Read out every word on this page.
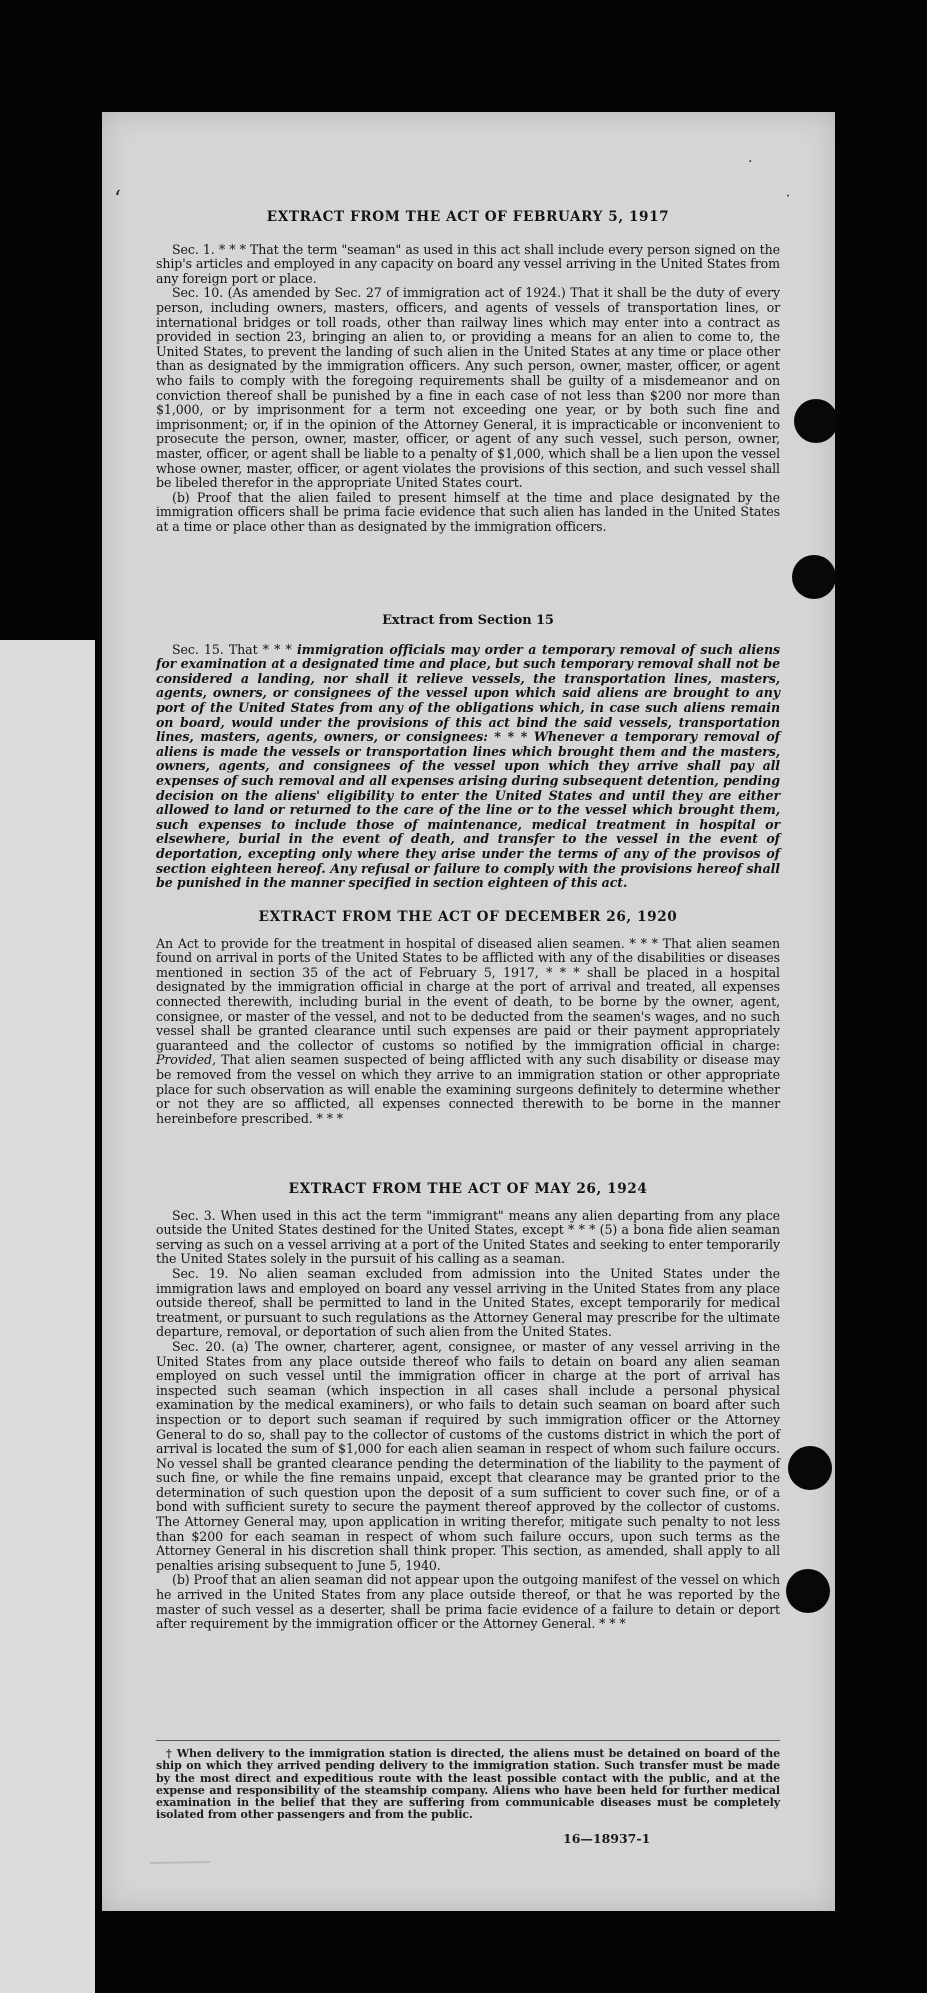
ʻ
·
˙
EXTRACT FROM THE ACT OF FEBRUARY 5, 1917

Sec. 1. * * * That the term "seaman" as used in this act shall include every person signed on the ship's articles and employed in any capacity on board any vessel arriving in the United States from any foreign port or place.

Sec. 10. (As amended by Sec. 27 of immigration act of 1924.) That it shall be the duty of every person, including owners, masters, officers, and agents of vessels of transportation lines, or international bridges or toll roads, other than railway lines which may enter into a contract as provided in section 23, bringing an alien to, or providing a means for an alien to come to, the United States, to prevent the landing of such alien in the United States at any time or place other than as designated by the immigration officers. Any such person, owner, master, officer, or agent who fails to comply with the foregoing requirements shall be guilty of a misdemeanor and on conviction thereof shall be punished by a fine in each case of not less than $200 nor more than $1,000, or by imprisonment for a term not exceeding one year, or by both such fine and imprisonment; or, if in the opinion of the Attorney General, it is impracticable or inconvenient to prosecute the person, owner, master, officer, or agent of any such vessel, such person, owner, master, officer, or agent shall be liable to a penalty of $1,000, which shall be a lien upon the vessel whose owner, master, officer, or agent violates the provisions of this section, and such vessel shall be libeled therefor in the appropriate United States court.

(b) Proof that the alien failed to present himself at the time and place designated by the immigration officers shall be prima facie evidence that such alien has landed in the United States at a time or place other than as designated by the immigration officers.

Extract from Section 15

Sec. 15. That * * * immigration officials may order a temporary removal of such aliens for examination at a designated time and place, but such temporary removal shall not be considered a landing, nor shall it relieve vessels, the transportation lines, masters, agents, owners, or consignees of the vessel upon which said aliens are brought to any port of the United States from any of the obligations which, in case such aliens remain on board, would under the provisions of this act bind the said vessels, transportation lines, masters, agents, owners, or consignees: * * * Whenever a temporary removal of aliens is made the vessels or transportation lines which brought them and the masters, owners, agents, and consignees of the vessel upon which they arrive shall pay all expenses of such removal and all expenses arising during subsequent detention, pending decision on the aliens' eligibility to enter the United States and until they are either allowed to land or returned to the care of the line or to the vessel which brought them, such expenses to include those of maintenance, medical treatment in hospital or elsewhere, burial in the event of death, and transfer to the vessel in the event of deportation, excepting only where they arise under the terms of any of the provisos of section eighteen hereof. Any refusal or failure to comply with the provisions hereof shall be punished in the manner specified in section eighteen of this act.

EXTRACT FROM THE ACT OF DECEMBER 26, 1920

An Act to provide for the treatment in hospital of diseased alien seamen. * * * That alien seamen found on arrival in ports of the United States to be afflicted with any of the disabilities or diseases mentioned in section 35 of the act of February 5, 1917, * * * shall be placed in a hospital designated by the immigration official in charge at the port of arrival and treated, all expenses connected therewith, including burial in the event of death, to be borne by the owner, agent, consignee, or master of the vessel, and not to be deducted from the seamen's wages, and no such vessel shall be granted clearance until such expenses are paid or their payment appropriately guaranteed and the collector of customs so notified by the immigration official in charge: Provided, That alien seamen suspected of being afflicted with any such disability or disease may be removed from the vessel on which they arrive to an immigration station or other appropriate place for such observation as will enable the examining surgeons definitely to determine whether or not they are so afflicted, all expenses connected therewith to be borne in the manner hereinbefore prescribed. * * *

EXTRACT FROM THE ACT OF MAY 26, 1924

Sec. 3. When used in this act the term "immigrant" means any alien departing from any place outside the United States destined for the United States, except * * * (5) a bona fide alien seaman serving as such on a vessel arriving at a port of the United States and seeking to enter temporarily the United States solely in the pursuit of his calling as a seaman.

Sec. 19. No alien seaman excluded from admission into the United States under the immigration laws and employed on board any vessel arriving in the United States from any place outside thereof, shall be permitted to land in the United States, except temporarily for medical treatment, or pursuant to such regulations as the Attorney General may prescribe for the ultimate departure, removal, or deportation of such alien from the United States.

Sec. 20. (a) The owner, charterer, agent, consignee, or master of any vessel arriving in the United States from any place outside thereof who fails to detain on board any alien seaman employed on such vessel until the immigration officer in charge at the port of arrival has inspected such seaman (which inspection in all cases shall include a personal physical examination by the medical examiners), or who fails to detain such seaman on board after such inspection or to deport such seaman if required by such immigration officer or the Attorney General to do so, shall pay to the collector of customs of the customs district in which the port of arrival is located the sum of $1,000 for each alien seaman in respect of whom such failure occurs. No vessel shall be granted clearance pending the determination of the liability to the payment of such fine, or while the fine remains unpaid, except that clearance may be granted prior to the determination of such question upon the deposit of a sum sufficient to cover such fine, or of a bond with sufficient surety to secure the payment thereof approved by the collector of customs. The Attorney General may, upon application in writing therefor, mitigate such penalty to not less than $200 for each seaman in respect of whom such failure occurs, upon such terms as the Attorney General in his discretion shall think proper. This section, as amended, shall apply to all penalties arising subsequent to June 5, 1940.

(b) Proof that an alien seaman did not appear upon the outgoing manifest of the vessel on which he arrived in the United States from any place outside thereof, or that he was reported by the master of such vessel as a deserter, shall be prima facie evidence of a failure to detain or deport after requirement by the immigration officer or the Attorney General. * * *

† When delivery to the immigration station is directed, the aliens must be detained on board of the ship on which they arrived pending delivery to the immigration station. Such transfer must be made by the most direct and expeditious route with the least possible contact with the public, and at the expense and responsibility of the steamship company. Aliens who have been held for further medical examination in the belief that they are suffering from communicable diseases must be completely isolated from other passengers and from the public.

16—18937-1
